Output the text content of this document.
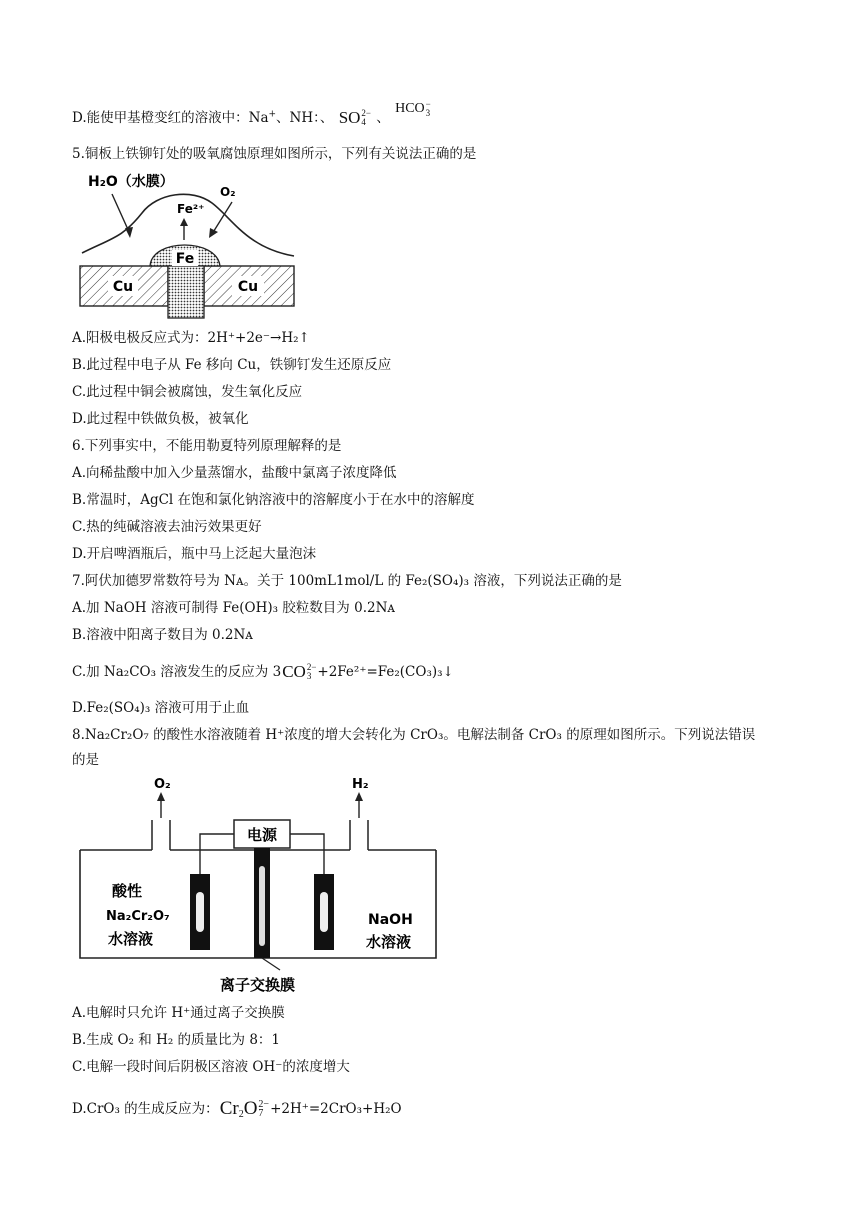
D.能使甲基橙变红的溶液中：Na+、NH：、 SO 2−
4 、
HCO −
3
5.铜板上铁铆钉处的吸氧腐蚀原理如图所示，下列有关说法正确的是
Fe
Cu	Cu
H₂O（水膜）
Fe²⁺
O₂
A.阳极电极反应式为：2H⁺+2e⁻→H₂↑
B.此过程中电子从 Fe 移向 Cu，铁铆钉发生还原反应
C.此过程中铜会被腐蚀，发生氧化反应
D.此过程中铁做负极，被氧化
6.下列事实中，不能用勒夏特列原理解释的是
A.向稀盐酸中加入少量蒸馏水，盐酸中氯离子浓度降低
B.常温时，AgCl 在饱和氯化钠溶液中的溶解度小于在水中的溶解度
C.热的纯碱溶液去油污效果更好
D.开启啤酒瓶后，瓶中马上泛起大量泡沫
7.阿伏加德罗常数符号为 Nᴀ。关于 100mL1mol/L 的 Fe₂(SO₄)₃ 溶液，下列说法正确的是
A.加 NaOH 溶液可制得 Fe(OH)₃ 胶粒数目为 0.2Nᴀ
B.溶液中阳离子数目为 0.2Nᴀ
C.加 Na₂CO₃ 溶液发生的反应为 3 CO 2−
3 +2Fe²⁺=Fe₂(CO₃)₃↓
D.Fe₂(SO₄)₃ 溶液可用于止血
8.Na₂Cr₂O₇ 的酸性水溶液随着 H⁺浓度的增大会转化为 CrO₃。电解法制备 CrO₃ 的原理如图所示。下列说法错误
的是
O₂	H₂
电源
酸性
Na₂Cr₂O₇
水溶液
NaOH
水溶液
离子交换膜
A.电解时只允许 H⁺通过离子交换膜
B.生成 O₂ 和 H₂ 的质量比为 8：1
C.电解一段时间后阴极区溶液 OH⁻的浓度增大
D.CrO₃ 的生成反应为： Cr 2 O 2−
7 +2H⁺=2CrO₃+H₂O
